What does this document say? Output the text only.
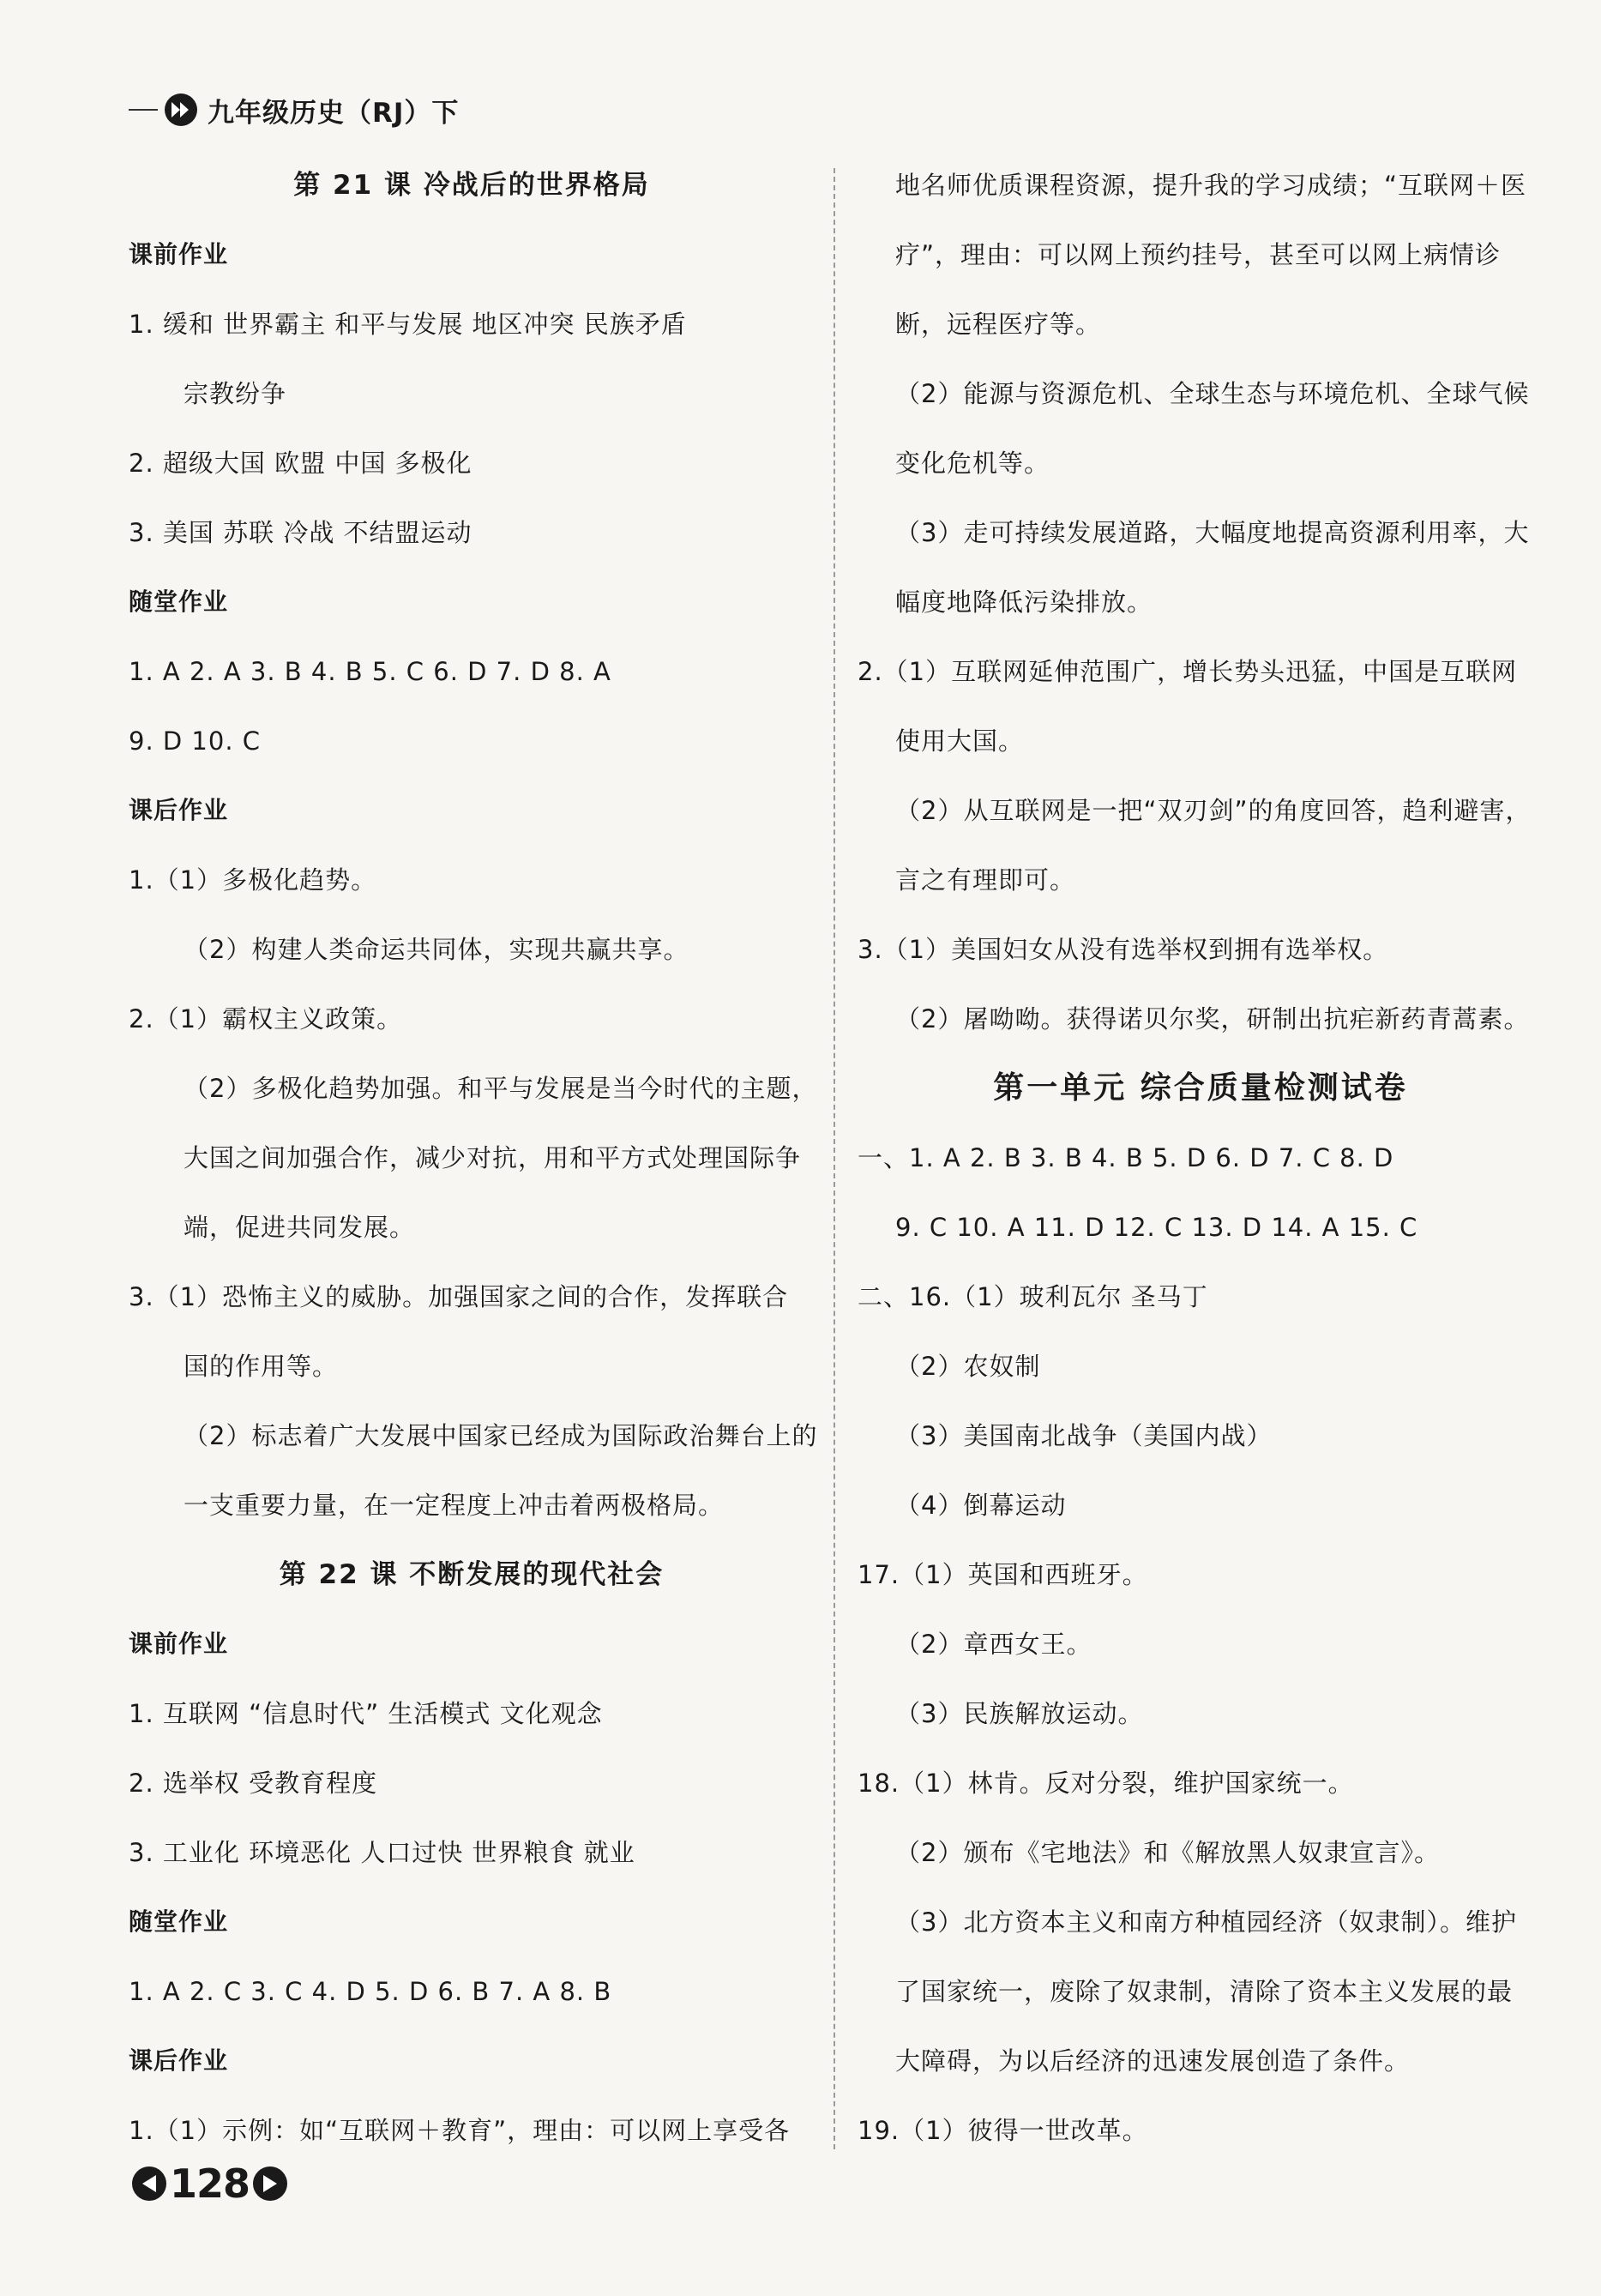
九年级历史（RJ）下
第 21 课 冷战后的世界格局
课前作业
1. 缓和 世界霸主 和平与发展 地区冲突 民族矛盾
宗教纷争
2. 超级大国 欧盟 中国 多极化
3. 美国 苏联 冷战 不结盟运动
随堂作业
1. A 2. A 3. B 4. B 5. C 6. D 7. D 8. A
9. D 10. C
课后作业
1.（1）多极化趋势。
（2）构建人类命运共同体，实现共赢共享。
2.（1）霸权主义政策。
（2）多极化趋势加强。和平与发展是当今时代的主题，
大国之间加强合作，减少对抗，用和平方式处理国际争
端，促进共同发展。
3.（1）恐怖主义的威胁。加强国家之间的合作，发挥联合
国的作用等。
（2）标志着广大发展中国家已经成为国际政治舞台上的
一支重要力量，在一定程度上冲击着两极格局。
第 22 课 不断发展的现代社会
课前作业
1. 互联网 “信息时代” 生活模式 文化观念
2. 选举权 受教育程度
3. 工业化 环境恶化 人口过快 世界粮食 就业
随堂作业
1. A 2. C 3. C 4. D 5. D 6. B 7. A 8. B
课后作业
1.（1）示例：如“互联网＋教育”，理由：可以网上享受各
地名师优质课程资源，提升我的学习成绩；“互联网＋医
疗”，理由：可以网上预约挂号，甚至可以网上病情诊
断，远程医疗等。
（2）能源与资源危机、全球生态与环境危机、全球气候
变化危机等。
（3）走可持续发展道路，大幅度地提高资源利用率，大
幅度地降低污染排放。
2.（1）互联网延伸范围广，增长势头迅猛，中国是互联网
使用大国。
（2）从互联网是一把“双刃剑”的角度回答，趋利避害，
言之有理即可。
3.（1）美国妇女从没有选举权到拥有选举权。
（2）屠呦呦。获得诺贝尔奖，研制出抗疟新药青蒿素。
第一单元 综合质量检测试卷
一、1. A 2. B 3. B 4. B 5. D 6. D 7. C 8. D
9. C 10. A 11. D 12. C 13. D 14. A 15. C
二、16.（1）玻利瓦尔 圣马丁
（2）农奴制
（3）美国南北战争（美国内战）
（4）倒幕运动
17.（1）英国和西班牙。
（2）章西女王。
（3）民族解放运动。
18.（1）林肯。反对分裂，维护国家统一。
（2）颁布《宅地法》和《解放黑人奴隶宣言》。
（3）北方资本主义和南方种植园经济（奴隶制）。维护
了国家统一，废除了奴隶制，清除了资本主义发展的最
大障碍，为以后经济的迅速发展创造了条件。
19.（1）彼得一世改革。
128
